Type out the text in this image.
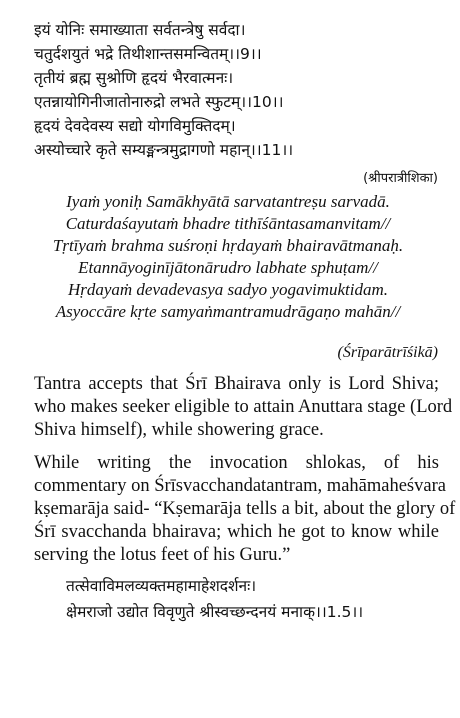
इयं योनिः समाख्याता सर्वतन्त्रेषु सर्वदा।
चतुर्दशयुतं भद्रे तिथीशान्तसमन्वितम्।।9।।
तृतीयं ब्रह्म सुश्रोणि हृदयं भैरवात्मनः।
एतन्नायोगिनीजातोनारुद्रो लभते स्फुटम्।।10।।
हृदयं देवदेवस्य सद्यो योगविमुक्तिदम्।
अस्योच्चारे कृते सम्यङ्मन्त्रमुद्रागणो महान्।।11।।
(श्रीपरात्रीशिका)
Iyaṁ yoniḥ Samākhyātā sarvatantreṣu sarvadā.
Caturdaśayutaṁ bhadre tithīśāntasamanvitam//
Tṛtīyaṁ brahma suśroṇi hṛdayaṁ bhairavātmanaḥ.
Etannāyoginījātonārudro labhate sphuṭam//
Hṛdayaṁ devadevasya sadyo yogavimuktidam.
Asyoccāre kṛte samyaṅmantramudrāgaṇo mahān//
(Śrīparātrīśikā)
Tantra accepts that Śrī Bhairava only is Lord Shiva;
who makes seeker eligible to attain Anuttara stage (Lord
Shiva himself), while showering grace.
While writing the invocation shlokas, of his
commentary on Śrīsvacchandatantram, mahāmaheśvara
kṣemarāja said- “Kṣemarāja tells a bit, about the glory of
Śrī svacchanda bhairava; which he got to know while
serving the lotus feet of his Guru.”
तत्सेवाविमलव्यक्तमहामाहेशदर्शनः।
क्षेमराजो उद्योत विवृणुते श्रीस्वच्छन्दनयं मनाक्।।1.5।।
